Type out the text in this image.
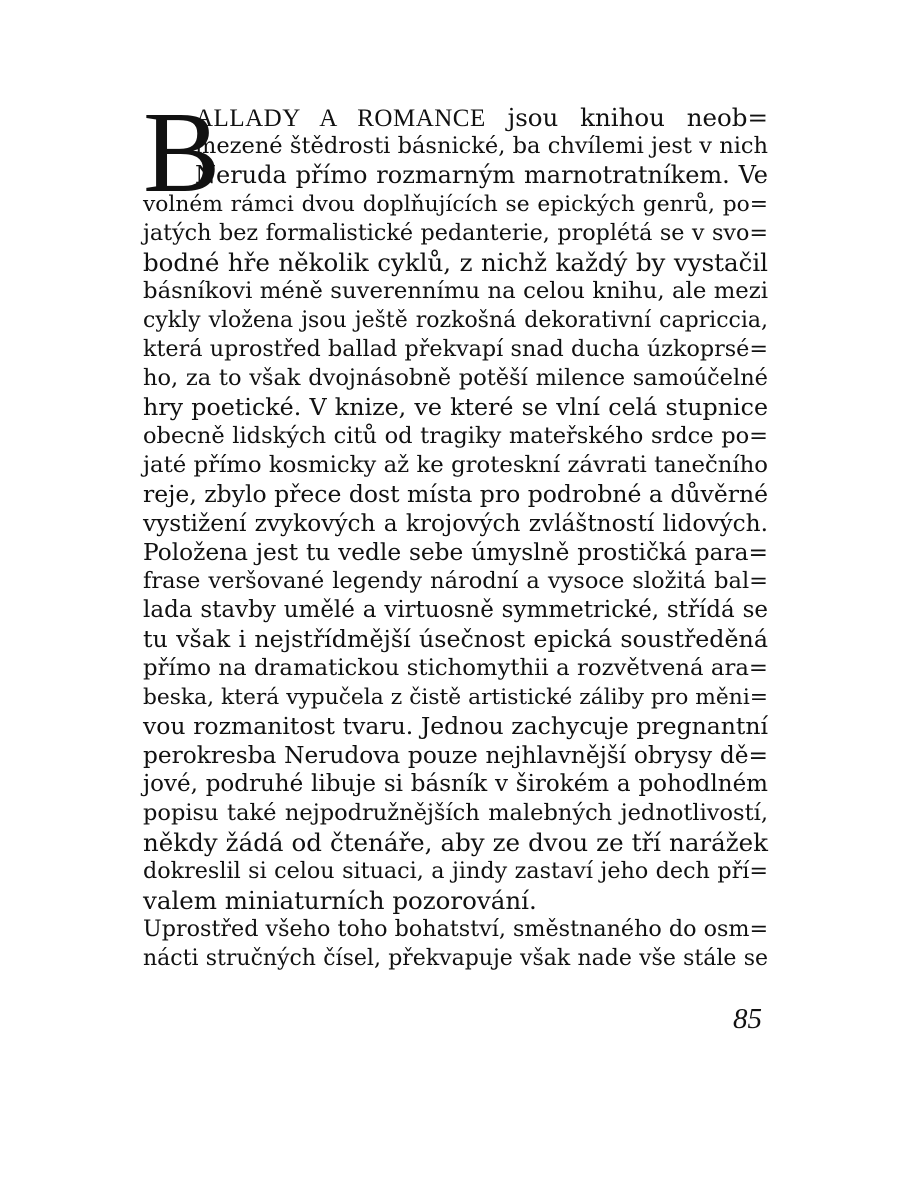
B
ALLADY A ROMANCE jsou knihou neob=
mezené štědrosti básnické, ba chvílemi jest v nich
Neruda přímo rozmarným marnotratníkem. Ve
volném rámci dvou doplňujících se epických genrů, po=
jatých bez formalistické pedanterie, proplétá se v svo=
bodné hře několik cyklů, z nichž každý by vystačil
básníkovi méně suverennímu na celou knihu, ale mezi
cykly vložena jsou ještě rozkošná dekorativní capriccia,
která uprostřed ballad překvapí snad ducha úzkoprsé=
ho, za to však dvojnásobně potěší milence samoúčelné
hry poetické. V knize, ve které se vlní celá stupnice
obecně lidských citů od tragiky mateřského srdce po=
jaté přímo kosmicky až ke groteskní závrati tanečního
reje, zbylo přece dost místa pro podrobné a důvěrné
vystižení zvykových a krojových zvláštností lidových.
Položena jest tu vedle sebe úmyslně prostičká para=
frase veršované legendy národní a vysoce složitá bal=
lada stavby umělé a virtuosně symmetrické, střídá se
tu však i nejstřídmější úsečnost epická soustředěná
přímo na dramatickou stichomythii a rozvětvená ara=
beska, která vypučela z čistě artistické záliby pro měni=
vou rozmanitost tvaru. Jednou zachycuje pregnantní
perokresba Nerudova pouze nejhlavnější obrysy dě=
jové, podruhé libuje si básník v širokém a pohodlném
popisu také nejpodružnějších malebných jednotlivostí,
někdy žádá od čtenáře, aby ze dvou ze tří narážek
dokreslil si celou situaci, a jindy zastaví jeho dech pří=
valem miniaturních pozorování.
Uprostřed všeho toho bohatství, směstnaného do osm=
nácti stručných čísel, překvapuje však nade vše stále se
85
